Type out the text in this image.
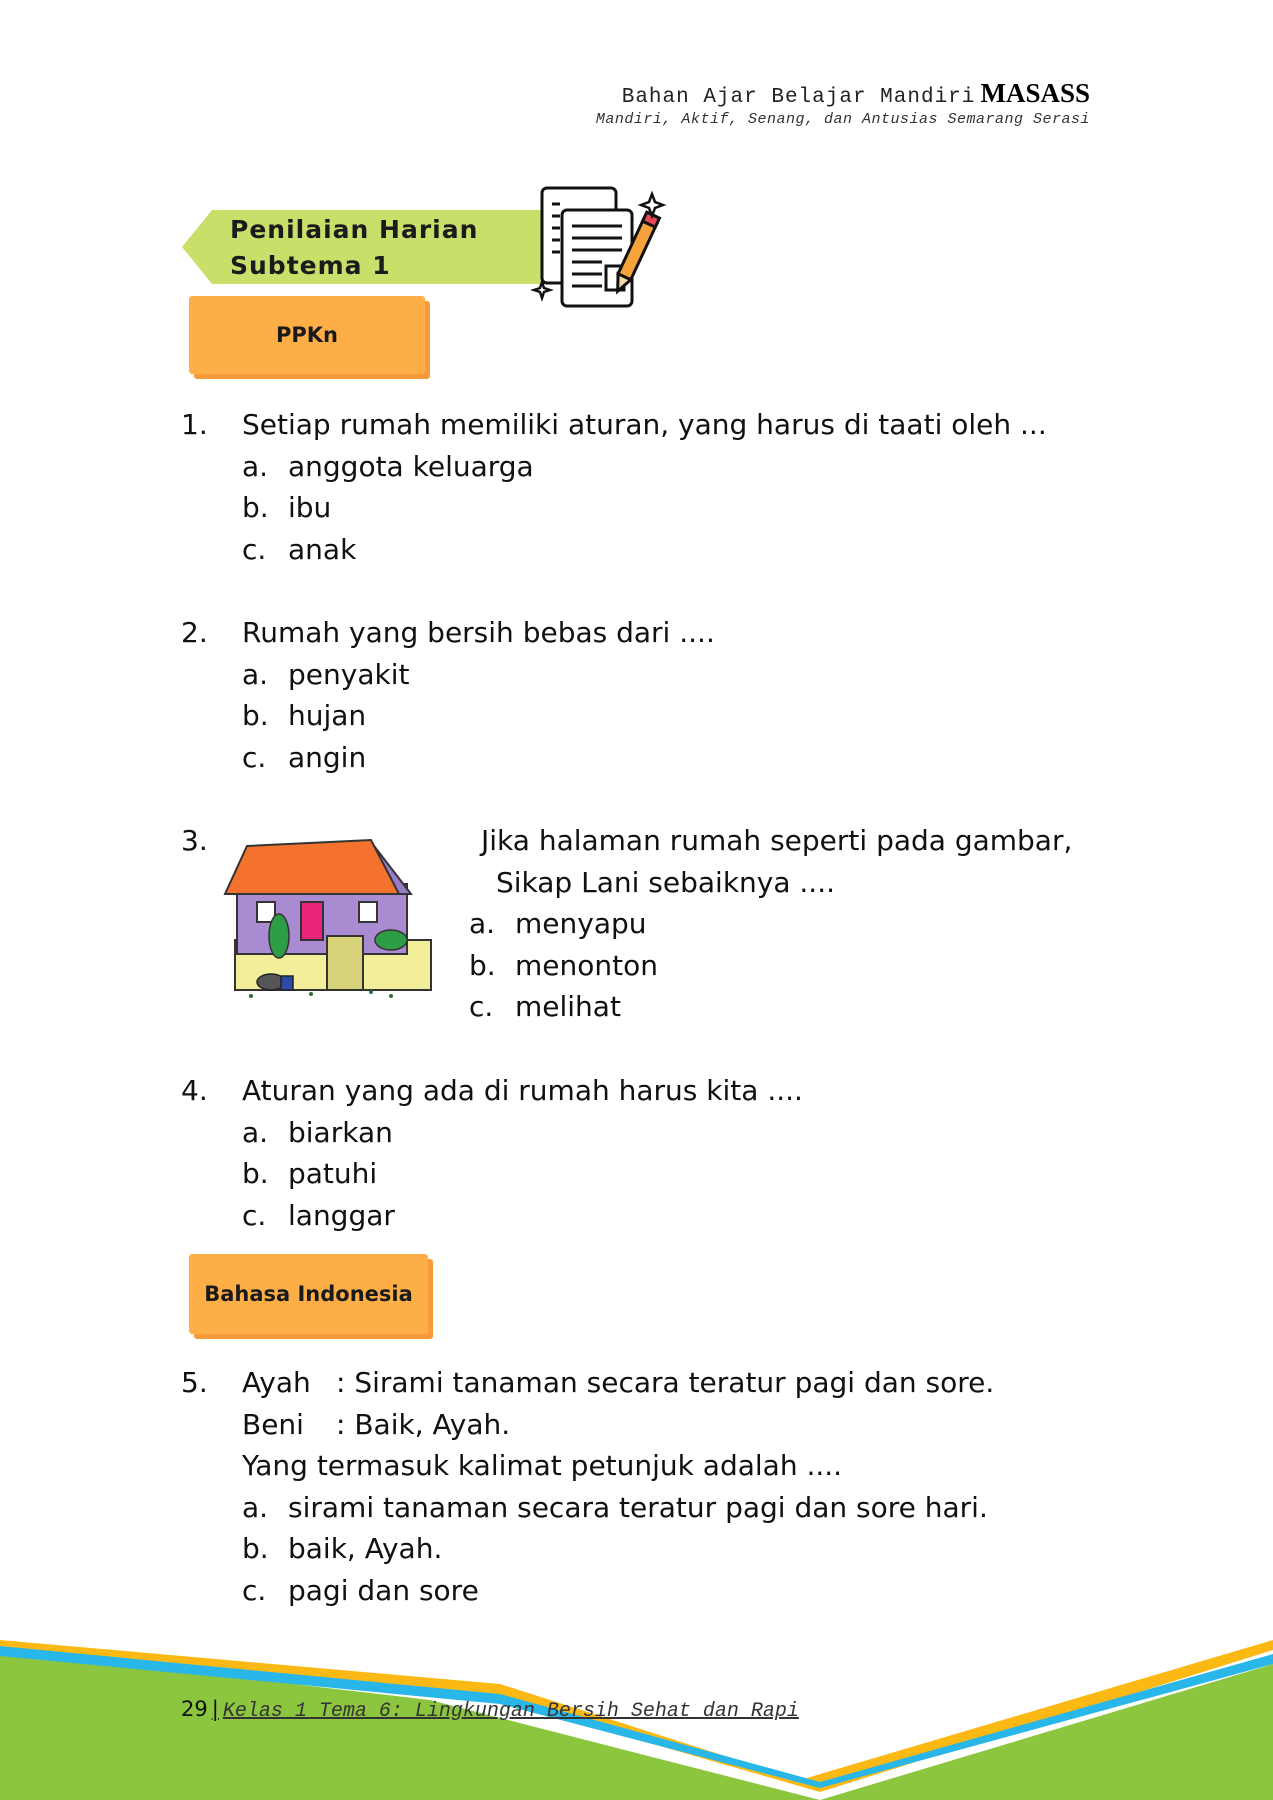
Bahan Ajar Belajar Mandiri MASASS
Mandiri, Aktif, Senang, dan Antusias Semarang Serasi
Penilaian Harian
Subtema 1
PPKn
1. Setiap rumah memiliki aturan, yang harus di taati oleh ...
a. anggota keluarga
b. ibu
c. anak
2. Rumah yang bersih bebas dari ....
a. penyakit
b. hujan
c. angin
3.	Jika halaman rumah seperti pada gambar,
Sikap Lani sebaiknya ....
a. menyapu
b. menonton
c. melihat
4. Aturan yang ada di rumah harus kita ....
a. biarkan
b. patuhi
c. langgar
Bahasa Indonesia
5. Ayah : Sirami tanaman secara teratur pagi dan sore.
Beni : Baik, Ayah.
Yang termasuk kalimat petunjuk adalah ....
a. sirami tanaman secara teratur pagi dan sore hari.
b. baik, Ayah.
c. pagi dan sore
29 | Kelas 1 Tema 6: Lingkungan Bersih Sehat dan Rapi
